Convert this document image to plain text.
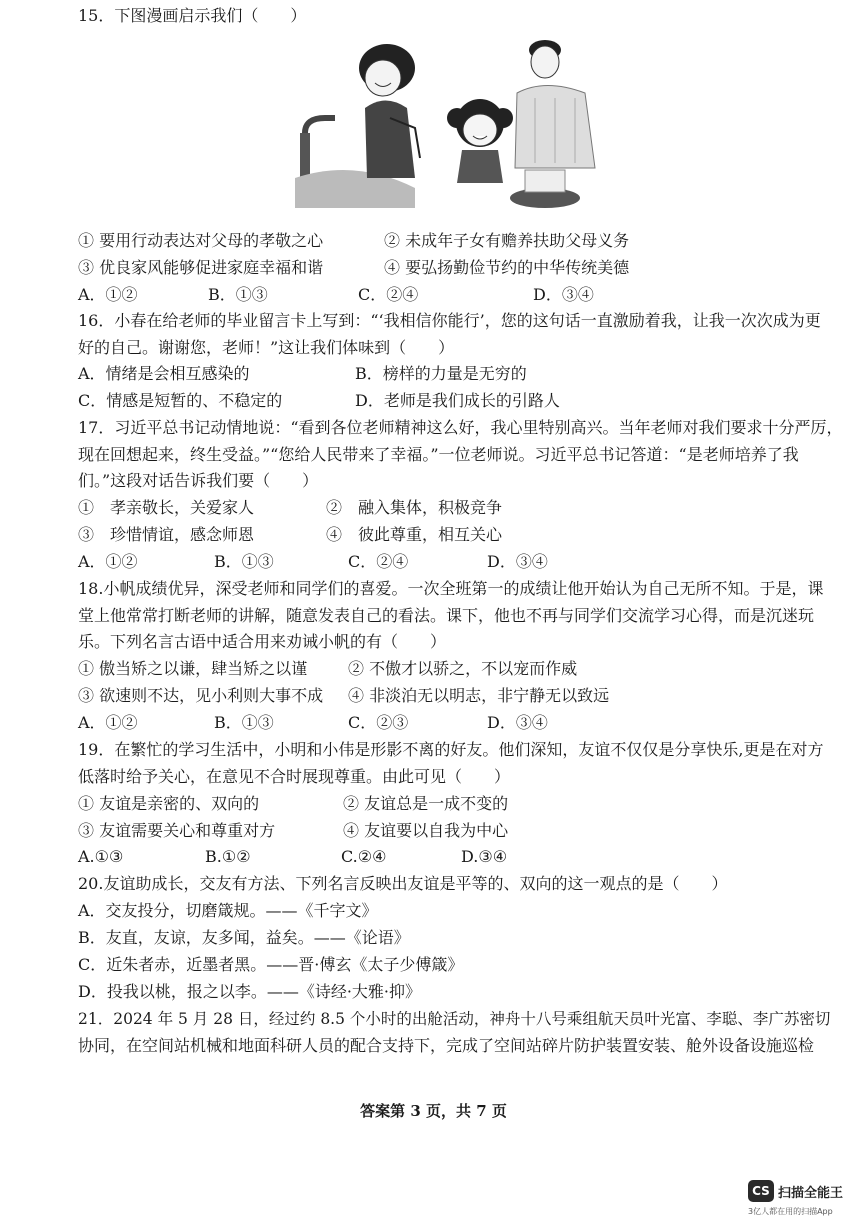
15．下图漫画启示我们（　　）
① 要用行动表达对父母的孝敬之心	② 未成年子女有赡养扶助父母义务
③ 优良家风能够促进家庭幸福和谐	④ 要弘扬勤俭节约的中华传统美德
A．①②	B．①③	C．②④	D．③④
16．小春在给老师的毕业留言卡上写到：“‘我相信你能行’，您的这句话一直激励着我，让我一次次成为更
好的自己。谢谢您，老师！”这让我们体味到（　　）
A．情绪是会相互感染的	B．榜样的力量是无穷的
C．情感是短暂的、不稳定的	D．老师是我们成长的引路人
17．习近平总书记动情地说：“看到各位老师精神这么好，我心里特别高兴。当年老师对我们要求十分严厉，
现在回想起来，终生受益。”“您给人民带来了幸福。”一位老师说。习近平总书记答道：“是老师培养了我
们。”这段对话告诉我们要（　　）
①　孝亲敬长，关爱家人	②　融入集体，积极竞争
③　珍惜情谊，感念师恩	④　彼此尊重，相互关心
A．①②	B．①③	C．②④	D．③④
18.小帆成绩优异，深受老师和同学们的喜爱。一次全班第一的成绩让他开始认为自己无所不知。于是，课
堂上他常常打断老师的讲解，随意发表自己的看法。课下，他也不再与同学们交流学习心得，而是沉迷玩
乐。下列名言古语中适合用来劝诫小帆的有（　　）
① 傲当矫之以谦，肆当矫之以谨	② 不傲才以骄之，不以宠而作威
③ 欲速则不达，见小利则大事不成 ④ 非淡泊无以明志，非宁静无以致远
A．①②	B．①③	C．②③	D．③④
19．在繁忙的学习生活中，小明和小伟是形影不离的好友。他们深知，友谊不仅仅是分享快乐,更是在对方
低落时给予关心，在意见不合时展现尊重。由此可见（　　）
① 友谊是亲密的、双向的	② 友谊总是一成不变的
③ 友谊需要关心和尊重对方	④ 友谊要以自我为中心
A.①③	B.①②	C.②④	D.③④
20.友谊助成长，交友有方法、下列名言反映出友谊是平等的、双向的这一观点的是（　　）
A．交友投分，切磨箴规。——《千字文》
B．友直，友谅，友多闻，益矣。——《论语》
C．近朱者赤，近墨者黑。——晋·傅玄《太子少傅箴》
D．投我以桃，报之以李。——《诗经·大雅·抑》
21．2024 年 5 月 28 日，经过约 8.5 个小时的出舱活动，神舟十八号乘组航天员叶光富、李聪、李广苏密切
协同，在空间站机械和地面科研人员的配合支持下，完成了空间站碎片防护装置安装、舱外设备设施巡检
答案第 3 页，共 7 页
CS 扫描全能王
3亿人都在用的扫描App
